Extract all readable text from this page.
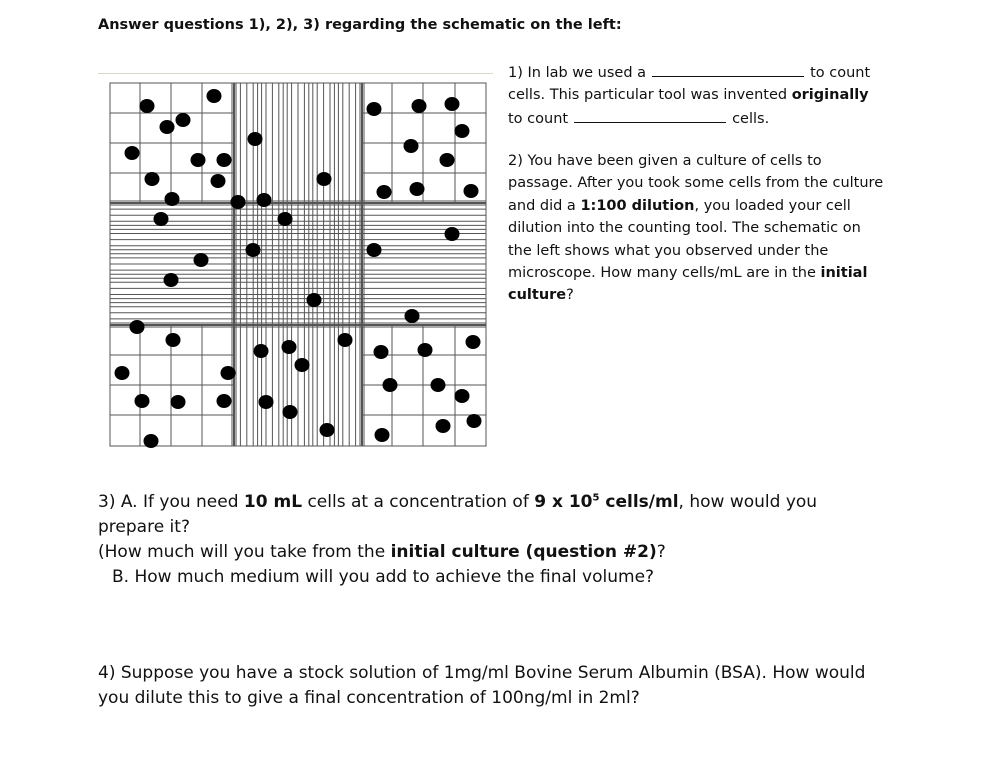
Answer questions 1), 2), 3) regarding the schematic on the left:

1) In lab we used a	to count
cells. This particular tool was invented originally
to count	cells.

2) You have been given a culture of cells to passage. After you took some cells from the culture and did a 1:100 dilution, you loaded your cell dilution into the counting tool. The schematic on the left shows what you observed under the microscope. How many cells/mL are in the initial culture?

3) A. If you need 10 mL cells at a concentration of 9 x $10^5$ cells/ml, how would you prepare it?
(How much will you take from the initial culture (question #2)?
B. How much medium will you add to achieve the final volume?

4) Suppose you have a stock solution of 1mg/ml Bovine Serum Albumin (BSA). How would you dilute this to give a final concentration of 100ng/ml in 2ml?
